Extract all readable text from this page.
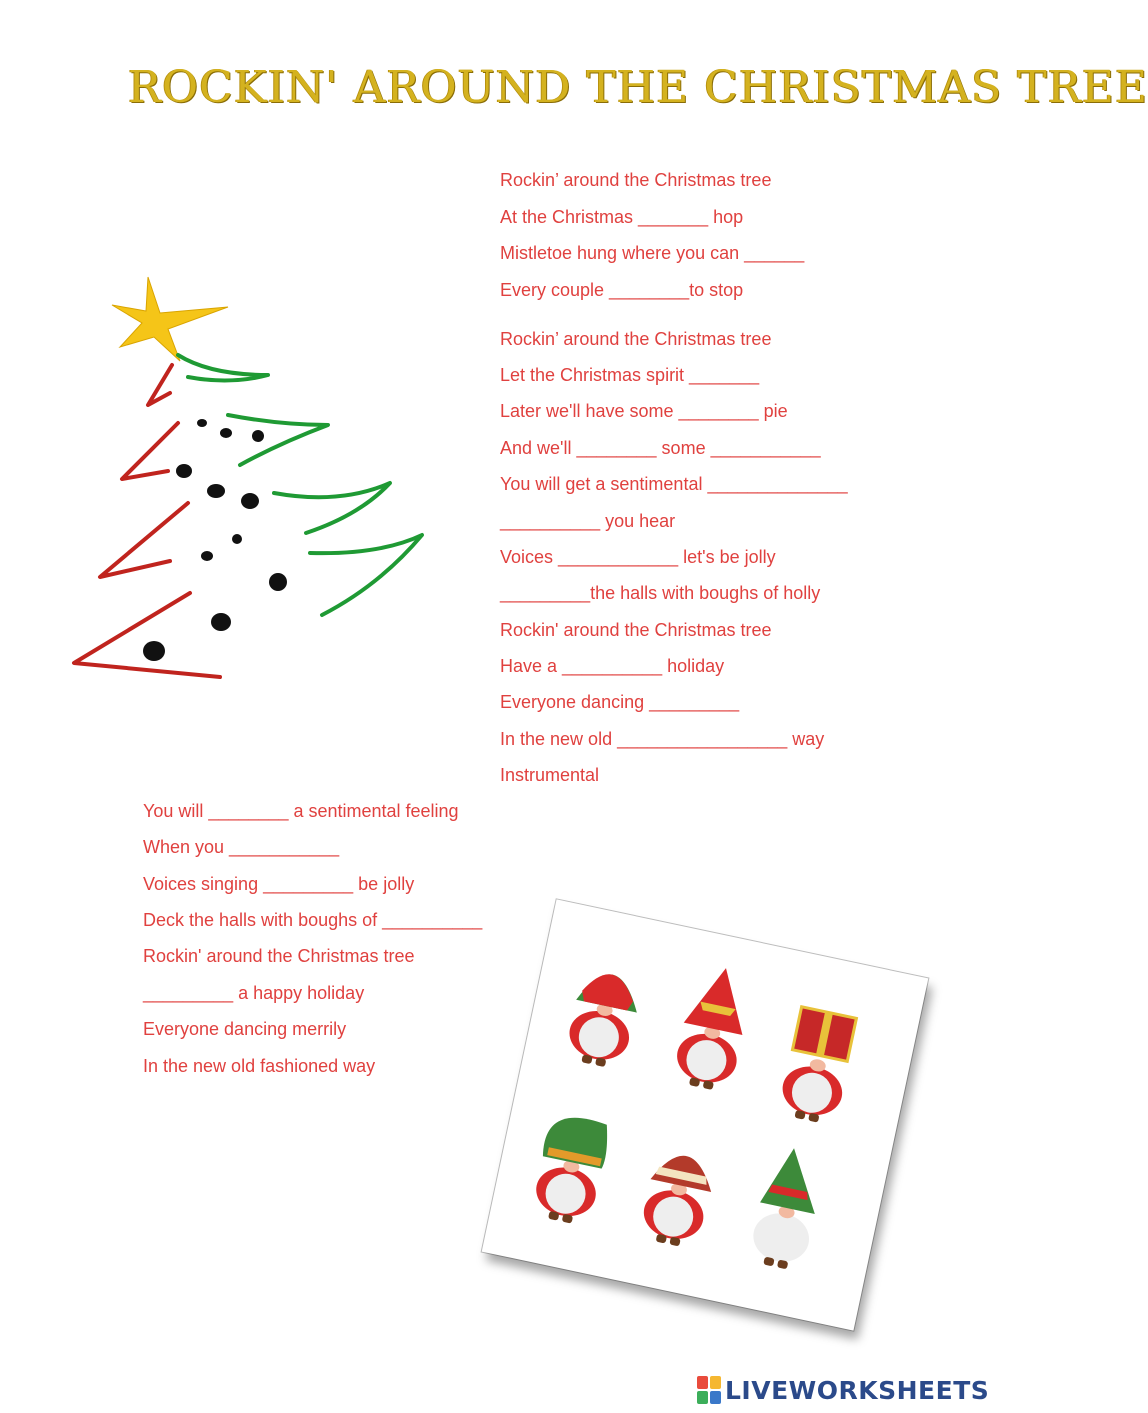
ROCKIN' AROUND THE CHRISTMAS TREE
Rockin’ around the Christmas tree
At the Christmas _______ hop
Mistletoe hung where you can ______
Every couple ________to stop
Rockin’ around the Christmas tree
Let the Christmas spirit _______
Later we'll have some ________ pie
And we'll ________ some ___________
You will get a sentimental ______________
__________ you hear
Voices ____________ let's be jolly
_________the halls with boughs of holly
Rockin' around the Christmas tree
Have a __________ holiday
Everyone dancing _________
In the new old _________________ way
Instrumental
You will ________ a sentimental feeling
When you ___________
Voices singing _________ be jolly
Deck the halls with boughs of __________
Rockin' around the Christmas tree
_________ a happy holiday
Everyone dancing merrily
In the new old fashioned way
LIVEWORKSHEETS
